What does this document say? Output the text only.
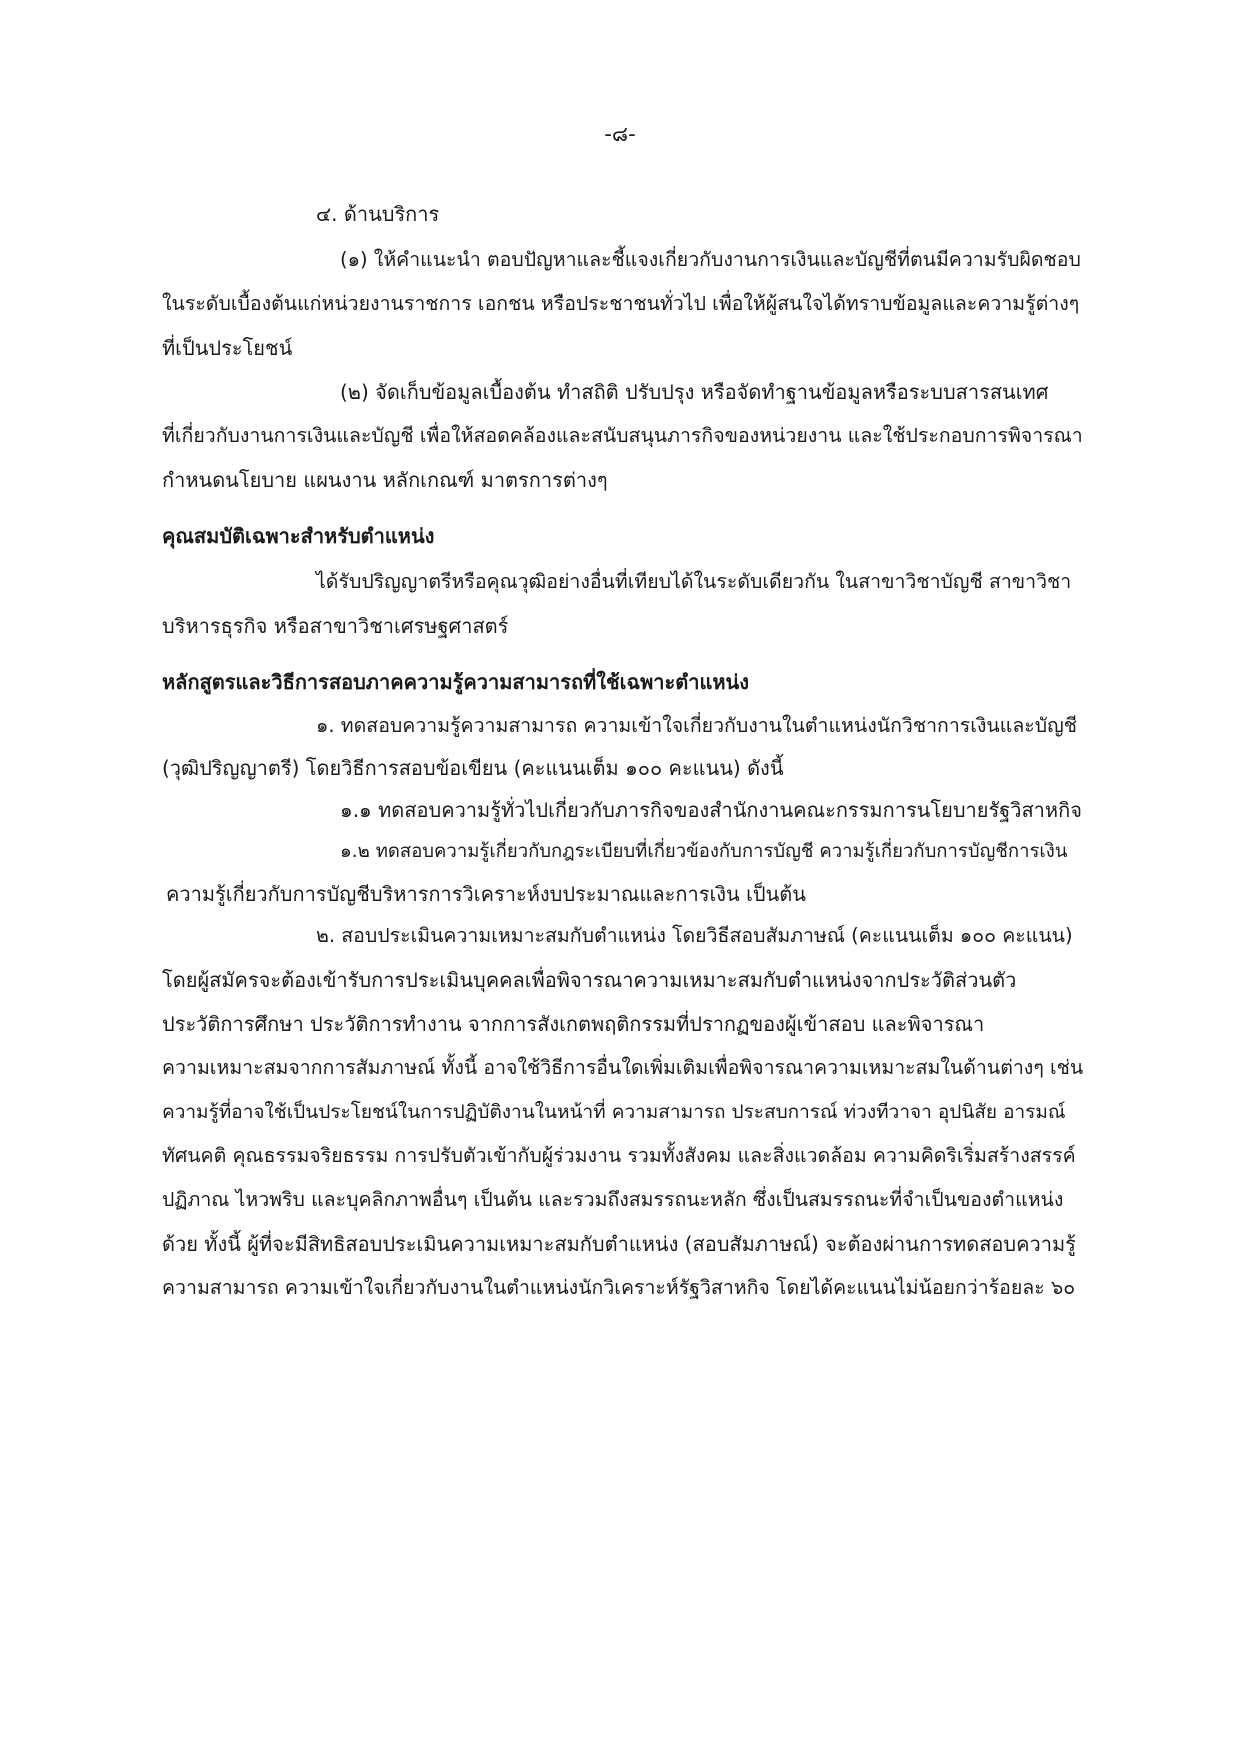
-๘-
๔. ด้านบริการ
(๑) ให้คำแนะนำ ตอบปัญหาและชี้แจงเกี่ยวกับงานการเงินและบัญชีที่ตนมีความรับผิดชอบ
ในระดับเบื้องต้นแก่หน่วยงานราชการ เอกชน หรือประชาชนทั่วไป เพื่อให้ผู้สนใจได้ทราบข้อมูลและความรู้ต่างๆ
ที่เป็นประโยชน์
(๒) จัดเก็บข้อมูลเบื้องต้น ทำสถิติ ปรับปรุง หรือจัดทำฐานข้อมูลหรือระบบสารสนเทศ
ที่เกี่ยวกับงานการเงินและบัญชี เพื่อให้สอดคล้องและสนับสนุนภารกิจของหน่วยงาน และใช้ประกอบการพิจารณา
กำหนดนโยบาย แผนงาน หลักเกณฑ์ มาตรการต่างๆ
คุณสมบัติเฉพาะสำหรับตำแหน่ง
ได้รับปริญญาตรีหรือคุณวุฒิอย่างอื่นที่เทียบได้ในระดับเดียวกัน ในสาขาวิชาบัญชี สาขาวิชา
บริหารธุรกิจ หรือสาขาวิชาเศรษฐศาสตร์
หลักสูตรและวิธีการสอบภาคความรู้ความสามารถที่ใช้เฉพาะตำแหน่ง
๑. ทดสอบความรู้ความสามารถ ความเข้าใจเกี่ยวกับงานในตำแหน่งนักวิชาการเงินและบัญชี
(วุฒิปริญญาตรี) โดยวิธีการสอบข้อเขียน (คะแนนเต็ม ๑๐๐ คะแนน) ดังนี้
๑.๑ ทดสอบความรู้ทั่วไปเกี่ยวกับภารกิจของสำนักงานคณะกรรมการนโยบายรัฐวิสาหกิจ
๑.๒ ทดสอบความรู้เกี่ยวกับกฎระเบียบที่เกี่ยวข้องกับการบัญชี ความรู้เกี่ยวกับการบัญชีการเงิน
ความรู้เกี่ยวกับการบัญชีบริหารการวิเคราะห์งบประมาณและการเงิน เป็นต้น
๒. สอบประเมินความเหมาะสมกับตำแหน่ง โดยวิธีสอบสัมภาษณ์ (คะแนนเต็ม ๑๐๐ คะแนน)
โดยผู้สมัครจะต้องเข้ารับการประเมินบุคคลเพื่อพิจารณาความเหมาะสมกับตำแหน่งจากประวัติส่วนตัว
ประวัติการศึกษา ประวัติการทำงาน จากการสังเกตพฤติกรรมที่ปรากฏของผู้เข้าสอบ และพิจารณา
ความเหมาะสมจากการสัมภาษณ์ ทั้งนี้ อาจใช้วิธีการอื่นใดเพิ่มเติมเพื่อพิจารณาความเหมาะสมในด้านต่างๆ เช่น
ความรู้ที่อาจใช้เป็นประโยชน์ในการปฏิบัติงานในหน้าที่ ความสามารถ ประสบการณ์ ท่วงทีวาจา อุปนิสัย อารมณ์
ทัศนคติ คุณธรรมจริยธรรม การปรับตัวเข้ากับผู้ร่วมงาน รวมทั้งสังคม และสิ่งแวดล้อม ความคิดริเริ่มสร้างสรรค์
ปฏิภาณ ไหวพริบ และบุคลิกภาพอื่นๆ เป็นต้น และรวมถึงสมรรถนะหลัก ซึ่งเป็นสมรรถนะที่จำเป็นของตำแหน่ง
ด้วย ทั้งนี้ ผู้ที่จะมีสิทธิสอบประเมินความเหมาะสมกับตำแหน่ง (สอบสัมภาษณ์) จะต้องผ่านการทดสอบความรู้
ความสามารถ ความเข้าใจเกี่ยวกับงานในตำแหน่งนักวิเคราะห์รัฐวิสาหกิจ โดยได้คะแนนไม่น้อยกว่าร้อยละ ๖๐
